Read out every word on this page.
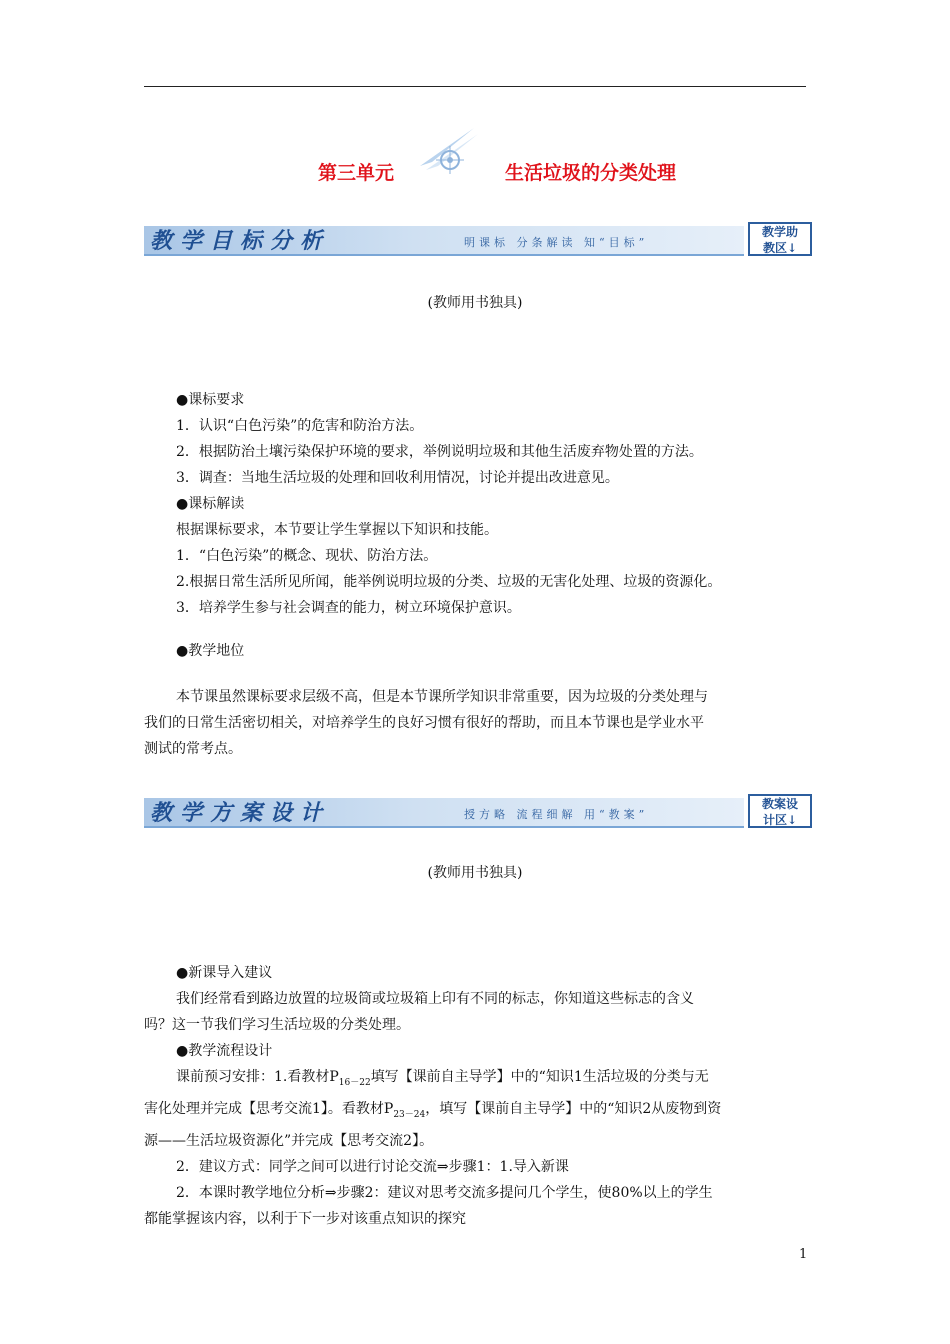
第三单元	生活垃圾的分类处理
教学目标分析	明课标 分条解读 知“目标”
教学助
教区↓
(教师用书独具)
●课标要求
1．认识“白色污染”的危害和防治方法。
2．根据防治土壤污染保护环境的要求，举例说明垃圾和其他生活废弃物处置的方法。
3．调查：当地生活垃圾的处理和回收利用情况，讨论并提出改进意见。
●课标解读
根据课标要求，本节要让学生掌握以下知识和技能。
1．“白色污染”的概念、现状、防治方法。
2.根据日常生活所见所闻，能举例说明垃圾的分类、垃圾的无害化处理、垃圾的资源化。
3．培养学生参与社会调查的能力，树立环境保护意识。
●教学地位
本节课虽然课标要求层级不高，但是本节课所学知识非常重要，因为垃圾的分类处理与
我们的日常生活密切相关，对培养学生的良好习惯有很好的帮助，而且本节课也是学业水平
测试的常考点。
教学方案设计	授方略 流程细解 用“教案”
教案设
计区↓
(教师用书独具)
●新课导入建议
我们经常看到路边放置的垃圾筒或垃圾箱上印有不同的标志，你知道这些标志的含义
吗？这一节我们学习生活垃圾的分类处理。
●教学流程设计
课前预习安排：1.看教材$P_{16-22}$填写【课前自主导学】中的“知识1生活垃圾的分类与无
害化处理并完成【思考交流1】。看教材$P_{23-24}$，填写【课前自主导学】中的“知识2从废物到资
源——生活垃圾资源化”并完成【思考交流2】。
2．建议方式：同学之间可以进行讨论交流⇒步骤1：1.导入新课
2．本课时教学地位分析⇒步骤2：建议对思考交流多提问几个学生，使80%以上的学生
都能掌握该内容，以利于下一步对该重点知识的探究
1
